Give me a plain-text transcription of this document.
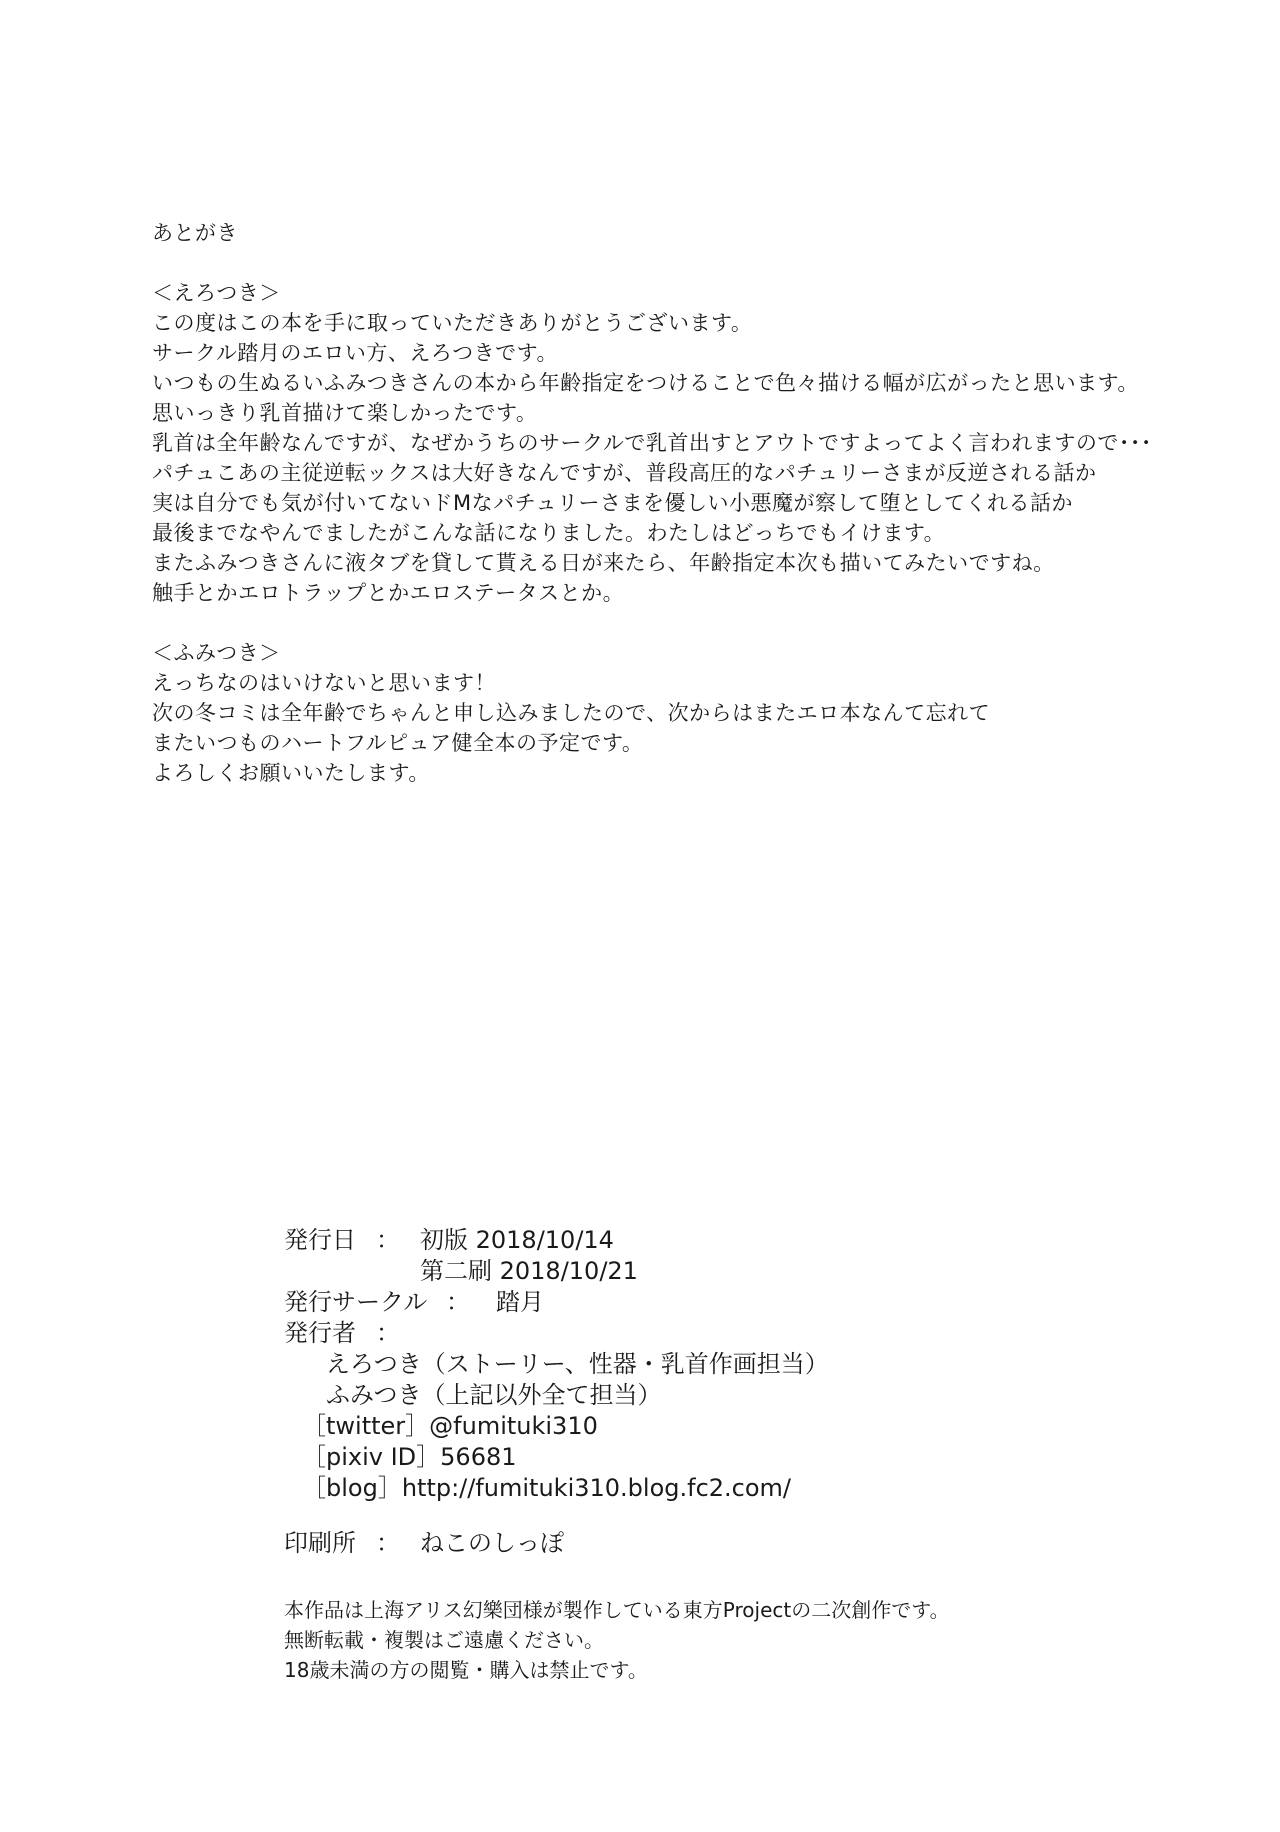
あとがき
＜えろつき＞
この度はこの本を手に取っていただきありがとうございます。
サークル踏月のエロい方、えろつきです。
いつもの生ぬるいふみつきさんの本から年齢指定をつけることで色々描ける幅が広がったと思います。
思いっきり乳首描けて楽しかったです。
乳首は全年齢なんですが、なぜかうちのサークルで乳首出すとアウトですよってよく言われますので･･･
パチュこあの主従逆転ックスは大好きなんですが、普段高圧的なパチュリーさまが反逆される話か
実は自分でも気が付いてないドMなパチュリーさまを優しい小悪魔が察して堕としてくれる話か
最後までなやんでましたがこんな話になりました。わたしはどっちでもイけます。
またふみつきさんに液タブを貸して貰える日が来たら、年齢指定本次も描いてみたいですね。
触手とかエロトラップとかエロステータスとか。
＜ふみつき＞
えっちなのはいけないと思います！
次の冬コミは全年齢でちゃんと申し込みましたので、次からはまたエロ本なんて忘れて
またいつものハートフルピュア健全本の予定です。
よろしくお願いいたします。
発行日 ： 初版 2018/10/14
第二刷 2018/10/21
発行サークル ： 踏月
発行者 ：
えろつき（ストーリー、性器・乳首作画担当）
ふみつき（上記以外全て担当）
［twitter］@fumituki310
［pixiv ID］56681
［blog］http://fumituki310.blog.fc2.com/
印刷所 ： ねこのしっぽ
本作品は上海アリス幻樂団様が製作している東方Projectの二次創作です。
無断転載・複製はご遠慮ください。
18歳未満の方の閲覧・購入は禁止です。
